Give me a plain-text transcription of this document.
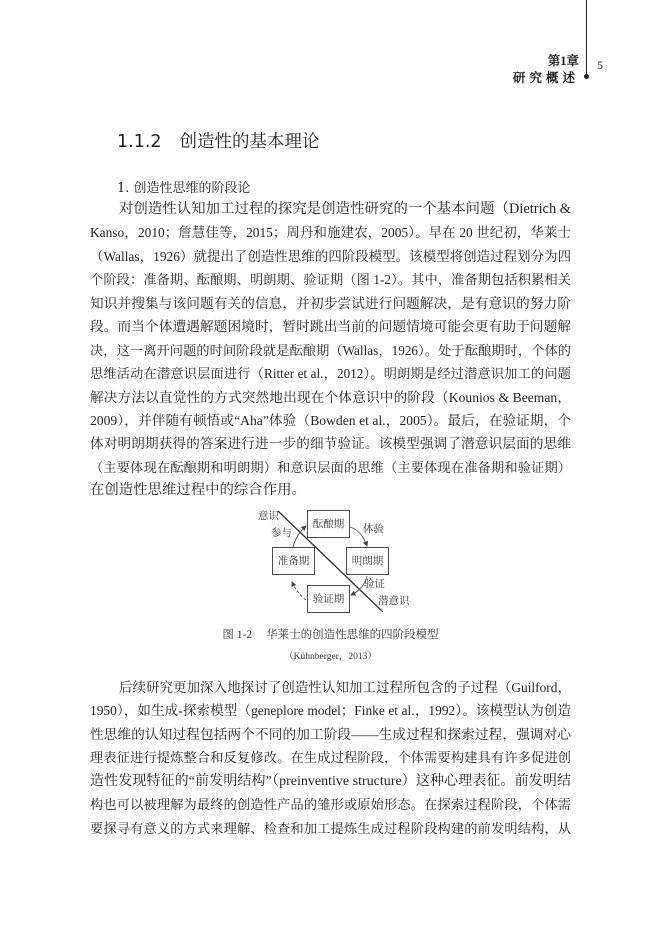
第1章
研究概述
5
1.1.2 创造性的基本理论
1. 创造性思维的阶段论
对创造性认知加工过程的探究是创造性研究的一个基本问题（Dietrich &
Kanso，2010；詹慧佳等，2015；周丹和施建农，2005）。早在 20 世纪初，华莱士
（Wallas，1926）就提出了创造性思维的四阶段模型。该模型将创造过程划分为四
个阶段：准备期、酝酿期、明朗期、验证期（图 1-2）。其中，准备期包括积累相关
知识并搜集与该问题有关的信息，并初步尝试进行问题解决，是有意识的努力阶
段。而当个体遭遇解题困境时，暂时跳出当前的问题情境可能会更有助于问题解
决，这一离开问题的时间阶段就是酝酿期（Wallas，1926）。处于酝酿期时，个体的
思维活动在潜意识层面进行（Ritter et al.，2012）。明朗期是经过潜意识加工的问题
解决方法以直觉性的方式突然地出现在个体意识中的阶段（Kounios & Beeman，
2009），并伴随有顿悟或“Aha”体验（Bowden et al.，2005）。最后，在验证期，个
体对明朗期获得的答案进行进一步的细节验证。该模型强调了潜意识层面的思维
（主要体现在酝酿期和明朗期）和意识层面的思维（主要体现在准备期和验证期）
在创造性思维过程中的综合作用。
酝酿期
准备期	明朗期
验证期
意识
参与	体验
验证
潜意识
图 1-2 华莱士的创造性思维的四阶段模型
（Kühnberger，2013）
后续研究更加深入地探讨了创造性认知加工过程所包含的子过程（Guilford，
1950），如生成-探索模型（geneplore model；Finke et al.，1992）。该模型认为创造
性思维的认知过程包括两个不同的加工阶段——生成过程和探索过程，强调对心
理表征进行提炼整合和反复修改。在生成过程阶段，个体需要构建具有许多促进创
造性发现特征的“前发明结构”（preinventive structure）这种心理表征。前发明结
构也可以被理解为最终的创造性产品的雏形或原始形态。在探索过程阶段，个体需
要探寻有意义的方式来理解、检查和加工提炼生成过程阶段构建的前发明结构，从
